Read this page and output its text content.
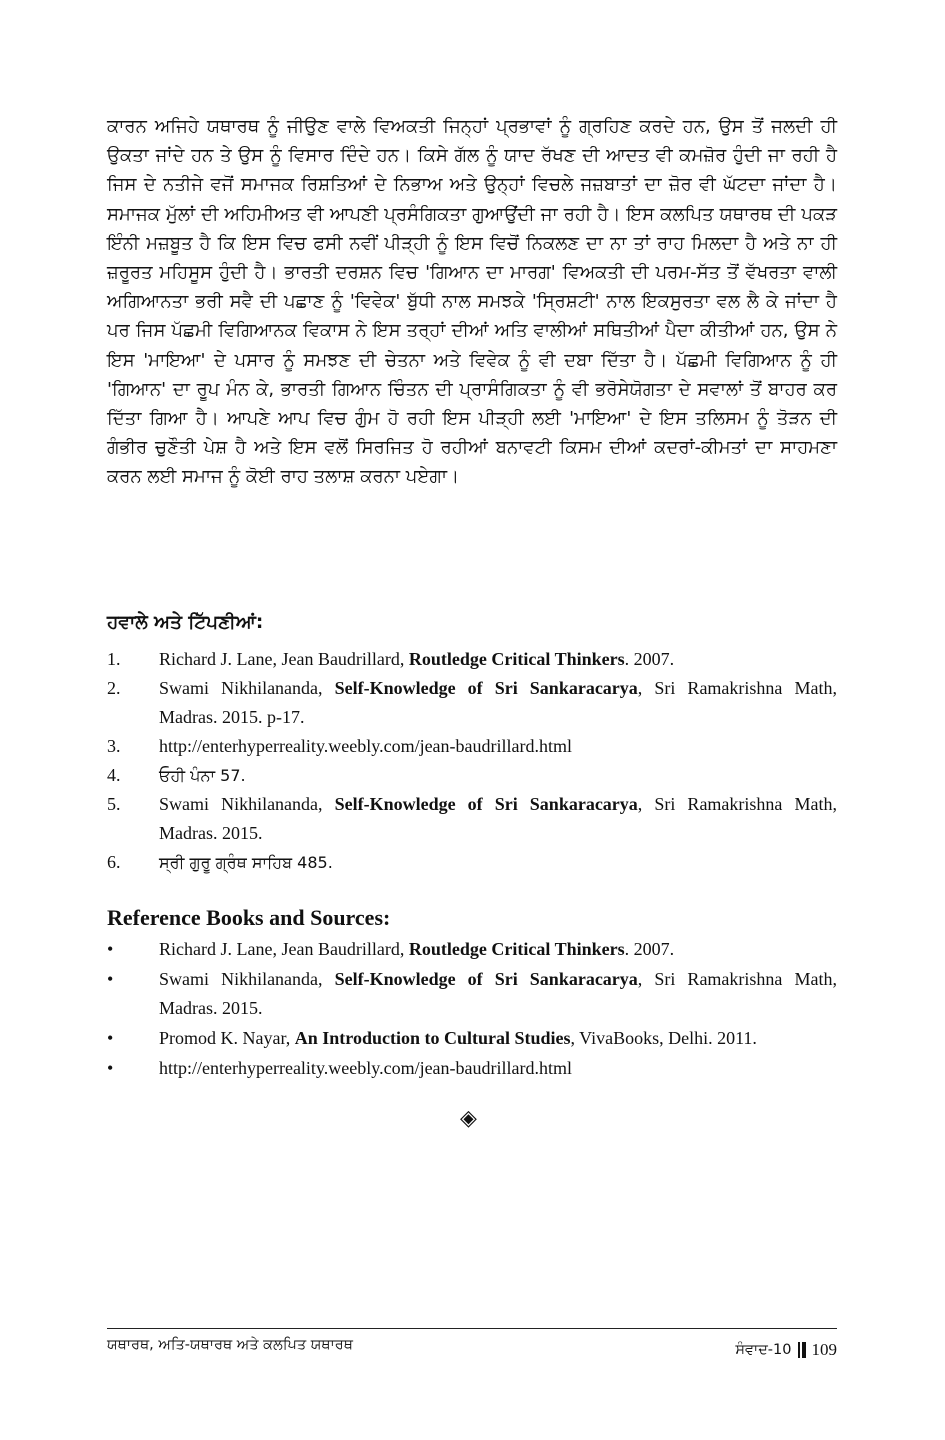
ਕਾਰਨ ਅਜਿਹੇ ਯਥਾਰਥ ਨੂੰ ਜੀਉਣ ਵਾਲੇ ਵਿਅਕਤੀ ਜਿਨ੍ਹਾਂ ਪ੍ਰਭਾਵਾਂ ਨੂੰ ਗ੍ਰਹਿਣ ਕਰਦੇ ਹਨ, ਉਸ ਤੋਂ ਜਲਦੀ ਹੀ ਉਕਤਾ ਜਾਂਦੇ ਹਨ ਤੇ ਉਸ ਨੂੰ ਵਿਸਾਰ ਦਿੰਦੇ ਹਨ। ਕਿਸੇ ਗੱਲ ਨੂੰ ਯਾਦ ਰੱਖਣ ਦੀ ਆਦਤ ਵੀ ਕਮਜ਼ੋਰ ਹੁੰਦੀ ਜਾ ਰਹੀ ਹੈ ਜਿਸ ਦੇ ਨਤੀਜੇ ਵਜੋਂ ਸਮਾਜਕ ਰਿਸ਼ਤਿਆਂ ਦੇ ਨਿਭਾਅ ਅਤੇ ਉਨ੍ਹਾਂ ਵਿਚਲੇ ਜਜ਼ਬਾਤਾਂ ਦਾ ਜ਼ੋਰ ਵੀ ਘੱਟਦਾ ਜਾਂਦਾ ਹੈ। ਸਮਾਜਕ ਮੁੱਲਾਂ ਦੀ ਅਹਿਮੀਅਤ ਵੀ ਆਪਣੀ ਪ੍ਰਸੰਗਿਕਤਾ ਗੁਆਉਂਦੀ ਜਾ ਰਹੀ ਹੈ। ਇਸ ਕਲਪਿਤ ਯਥਾਰਥ ਦੀ ਪਕੜ ਇੰਨੀ ਮਜ਼ਬੂਤ ਹੈ ਕਿ ਇਸ ਵਿਚ ਫਸੀ ਨਵੀਂ ਪੀੜ੍ਹੀ ਨੂੰ ਇਸ ਵਿਚੋਂ ਨਿਕਲਣ ਦਾ ਨਾ ਤਾਂ ਰਾਹ ਮਿਲਦਾ ਹੈ ਅਤੇ ਨਾ ਹੀ ਜ਼ਰੂਰਤ ਮਹਿਸੂਸ ਹੁੰਦੀ ਹੈ। ਭਾਰਤੀ ਦਰਸ਼ਨ ਵਿਚ 'ਗਿਆਨ ਦਾ ਮਾਰਗ' ਵਿਅਕਤੀ ਦੀ ਪਰਮ-ਸੱਤ ਤੋਂ ਵੱਖਰਤਾ ਵਾਲੀ ਅਗਿਆਨਤਾ ਭਰੀ ਸਵੈ ਦੀ ਪਛਾਣ ਨੂੰ 'ਵਿਵੇਕ' ਬੁੱਧੀ ਨਾਲ ਸਮਝਕੇ 'ਸ੍ਰਿਸ਼ਟੀ' ਨਾਲ ਇਕਸੁਰਤਾ ਵਲ ਲੈ ਕੇ ਜਾਂਦਾ ਹੈ ਪਰ ਜਿਸ ਪੱਛਮੀ ਵਿਗਿਆਨਕ ਵਿਕਾਸ ਨੇ ਇਸ ਤਰ੍ਹਾਂ ਦੀਆਂ ਅਤਿ ਵਾਲੀਆਂ ਸਥਿਤੀਆਂ ਪੈਦਾ ਕੀਤੀਆਂ ਹਨ, ਉਸ ਨੇ ਇਸ 'ਮਾਇਆ' ਦੇ ਪਸਾਰ ਨੂੰ ਸਮਝਣ ਦੀ ਚੇਤਨਾ ਅਤੇ ਵਿਵੇਕ ਨੂੰ ਵੀ ਦਬਾ ਦਿੱਤਾ ਹੈ। ਪੱਛਮੀ ਵਿਗਿਆਨ ਨੂੰ ਹੀ 'ਗਿਆਨ' ਦਾ ਰੂਪ ਮੰਨ ਕੇ, ਭਾਰਤੀ ਗਿਆਨ ਚਿੰਤਨ ਦੀ ਪ੍ਰਾਸੰਗਿਕਤਾ ਨੂੰ ਵੀ ਭਰੋਸੇਯੋਗਤਾ ਦੇ ਸਵਾਲਾਂ ਤੋਂ ਬਾਹਰ ਕਰ ਦਿੱਤਾ ਗਿਆ ਹੈ। ਆਪਣੇ ਆਪ ਵਿਚ ਗੁੰਮ ਹੋ ਰਹੀ ਇਸ ਪੀੜ੍ਹੀ ਲਈ 'ਮਾਇਆ' ਦੇ ਇਸ ਤਲਿਸਮ ਨੂੰ ਤੋੜਨ ਦੀ ਗੰਭੀਰ ਚੁਣੌਤੀ ਪੇਸ਼ ਹੈ ਅਤੇ ਇਸ ਵਲੋਂ ਸਿਰਜਿਤ ਹੋ ਰਹੀਆਂ ਬਨਾਵਟੀ ਕਿਸਮ ਦੀਆਂ ਕਦਰਾਂ-ਕੀਮਤਾਂ ਦਾ ਸਾਹਮਣਾ ਕਰਨ ਲਈ ਸਮਾਜ ਨੂੰ ਕੋਈ ਰਾਹ ਤਲਾਸ਼ ਕਰਨਾ ਪਏਗਾ।

ਹਵਾਲੇ ਅਤੇ ਟਿੱਪਣੀਆਂ:
1. Richard J. Lane, Jean Baudrillard, Routledge Critical Thinkers. 2007.
2. Swami Nikhilananda, Self-Knowledge of Sri Sankaracarya, Sri Ramakrishna Math, Madras. 2015. p-17.
3. http://enterhyperreality.weebly.com/jean-baudrillard.html
4. ਓਹੀ ਪੰਨਾ 57.
5. Swami Nikhilananda, Self-Knowledge of Sri Sankaracarya, Sri Ramakrishna Math, Madras. 2015.
6. ਸ੍ਰੀ ਗੁਰੂ ਗ੍ਰੰਥ ਸਾਹਿਬ 485.
Reference Books and Sources:
•	Richard J. Lane, Jean Baudrillard, Routledge Critical Thinkers. 2007.
•	Swami Nikhilananda, Self-Knowledge of Sri Sankaracarya, Sri Ramakrishna Math, Madras. 2015.
•	Promod K. Nayar, An Introduction to Cultural Studies, VivaBooks, Delhi. 2011.
•	http://enterhyperreality.weebly.com/jean-baudrillard.html
◈
ਯਥਾਰਥ, ਅਤਿ-ਯਥਾਰਥ ਅਤੇ ਕਲਪਿਤ ਯਥਾਰਥ	ਸੰਵਾਦ-10 109
